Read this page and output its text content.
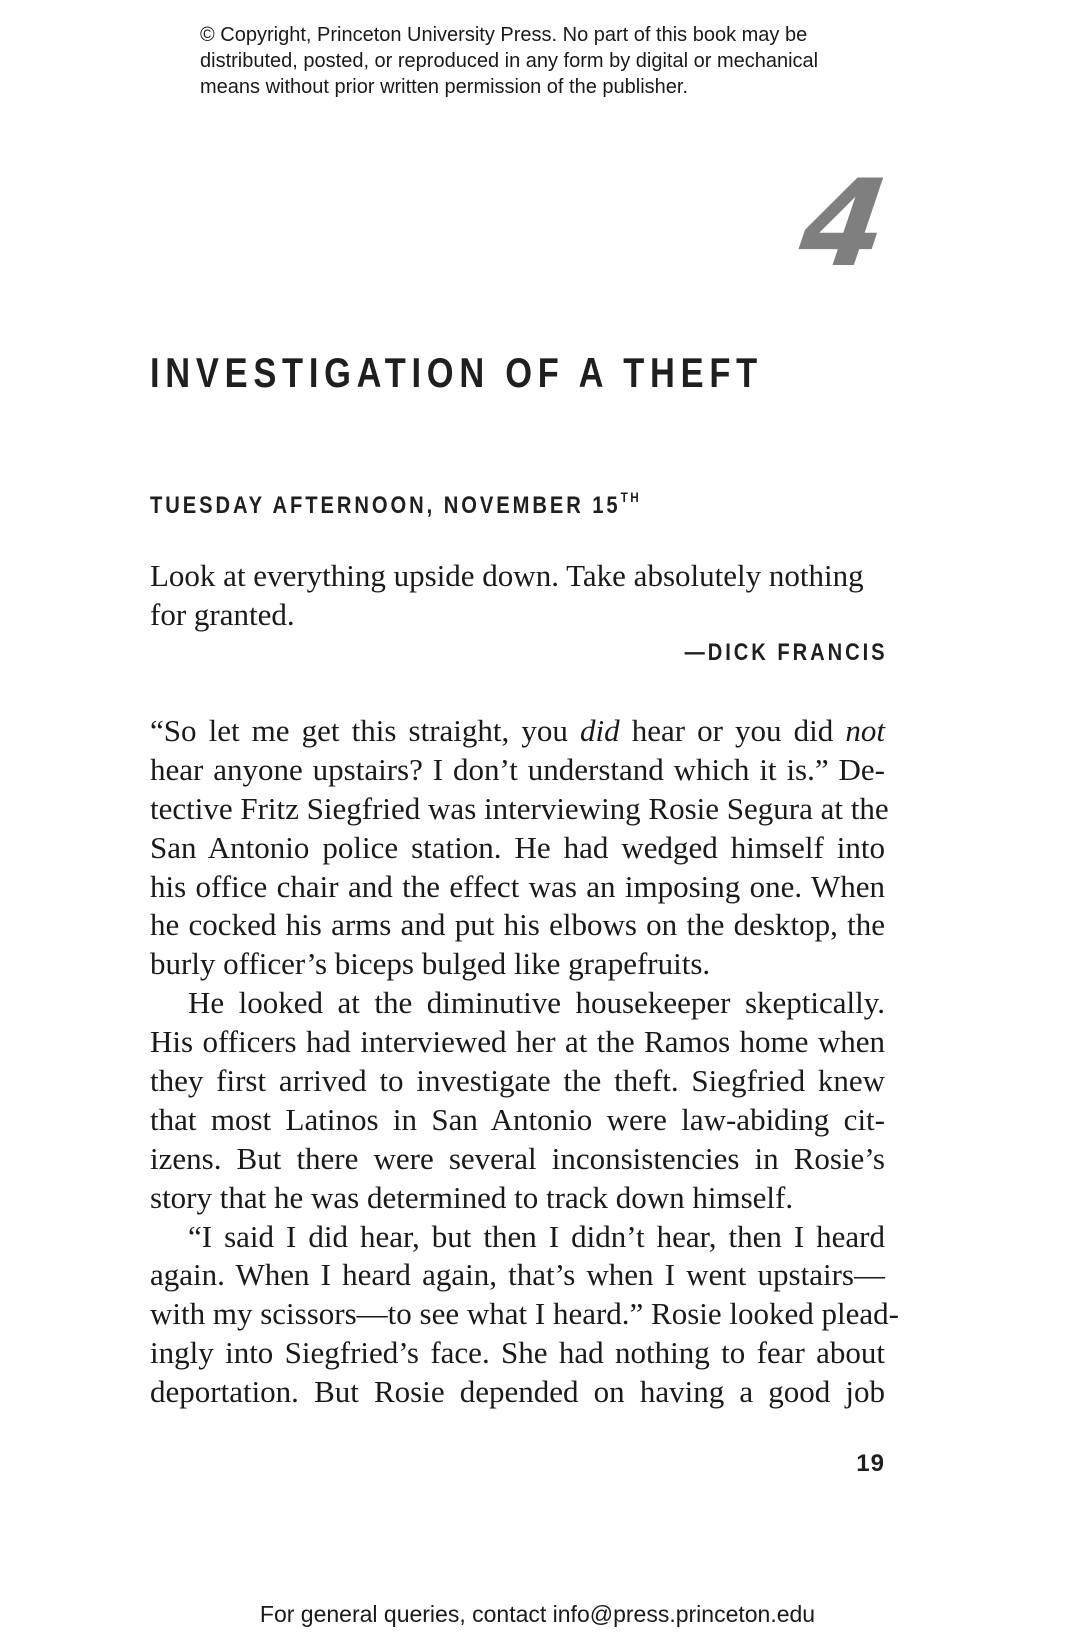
© Copyright, Princeton University Press. No part of this book may be
distributed, posted, or reproduced in any form by digital or mechanical
means without prior written permission of the publisher.
4
INVESTIGATION OF A THEFT
TUESDAY AFTERNOON, NOVEMBER 15TH
Look at everything upside down. Take absolutely nothing
for granted.
—DICK FRANCIS
“So let me get this straight, you did hear or you did not
hear anyone upstairs? I don’t understand which it is.” De-
tective Fritz Siegfried was interviewing Rosie Segura at the
San Antonio police station. He had wedged himself into
his office chair and the effect was an imposing one. When
he cocked his arms and put his elbows on the desktop, the
burly officer’s biceps bulged like grapefruits.
He looked at the diminutive housekeeper skeptically.
His officers had interviewed her at the Ramos home when
they first arrived to investigate the theft. Siegfried knew
that most Latinos in San Antonio were law-abiding cit-
izens. But there were several inconsistencies in Rosie’s
story that he was determined to track down himself.
“I said I did hear, but then I didn’t hear, then I heard
again. When I heard again, that’s when I went upstairs—
with my scissors—to see what I heard.” Rosie looked plead-
ingly into Siegfried’s face. She had nothing to fear about
deportation. But Rosie depended on having a good job
19
For general queries, contact info@press.princeton.edu
